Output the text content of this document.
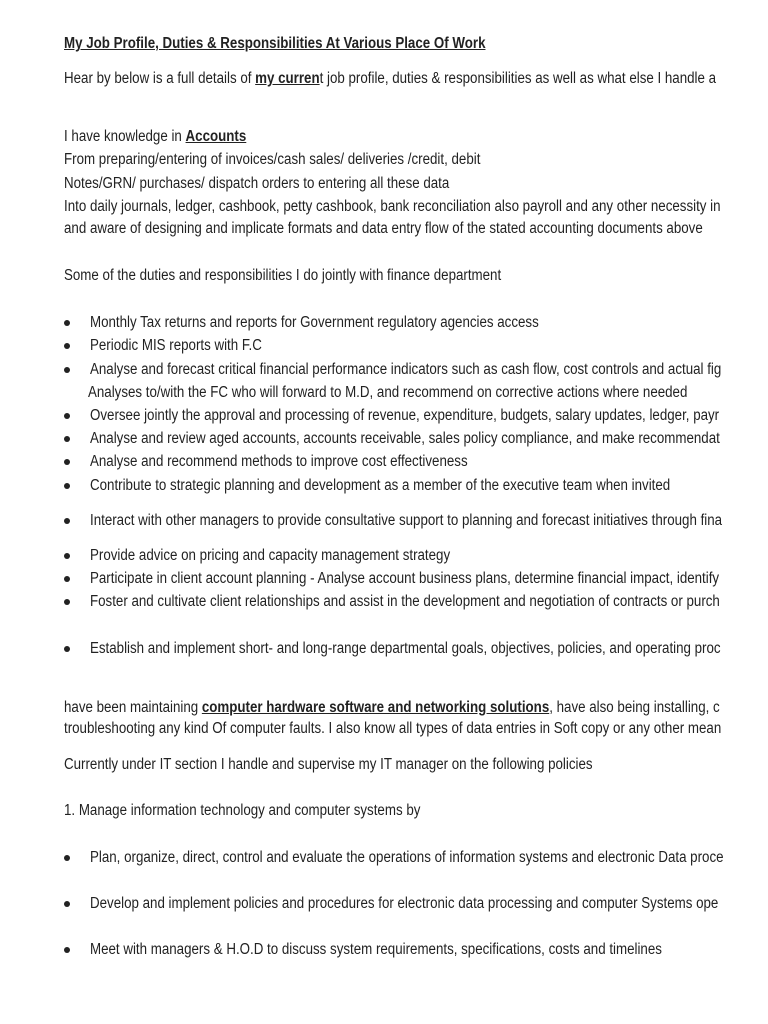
My Job Profile, Duties & Responsibilities At Various Place Of Work
Hear by below is a full details of my current job profile, duties & responsibilities as well as what else I handle a
I have knowledge in Accounts
From preparing/entering of invoices/cash sales/ deliveries /credit, debit
Notes/GRN/ purchases/ dispatch orders to entering all these data
Into daily journals, ledger, cashbook, petty cashbook, bank reconciliation also payroll and any other necessity in
and aware of designing and implicate formats and data entry flow of the stated accounting documents above
Some of the duties and responsibilities I do jointly with finance department
Monthly Tax returns and reports for Government regulatory agencies access
Periodic MIS reports with F.C
Analyse and forecast critical financial performance indicators such as cash flow, cost controls and actual fig
Analyses to/with the FC who will forward to M.D, and recommend on corrective actions where needed
Oversee jointly the approval and processing of revenue, expenditure, budgets, salary updates, ledger, payr
Analyse and review aged accounts, accounts receivable, sales policy compliance, and make recommendat
Analyse and recommend methods to improve cost effectiveness
Contribute to strategic planning and development as a member of the executive team when invited
Interact with other managers to provide consultative support to planning and forecast initiatives through fina
Provide advice on pricing and capacity management strategy
Participate in client account planning - Analyse account business plans, determine financial impact, identify
Foster and cultivate client relationships and assist in the development and negotiation of contracts or purch
Establish and implement short- and long-range departmental goals, objectives, policies, and operating proc
have been maintaining computer hardware software and networking solutions, have also being installing, c
troubleshooting any kind Of computer faults. I also know all types of data entries in Soft copy or any other mean
Currently under IT section I handle and supervise my IT manager on the following policies
1. Manage information technology and computer systems by
Plan, organize, direct, control and evaluate the operations of information systems and electronic Data proce
Develop and implement policies and procedures for electronic data processing and computer Systems ope
Meet with managers & H.O.D to discuss system requirements, specifications, costs and timelines
